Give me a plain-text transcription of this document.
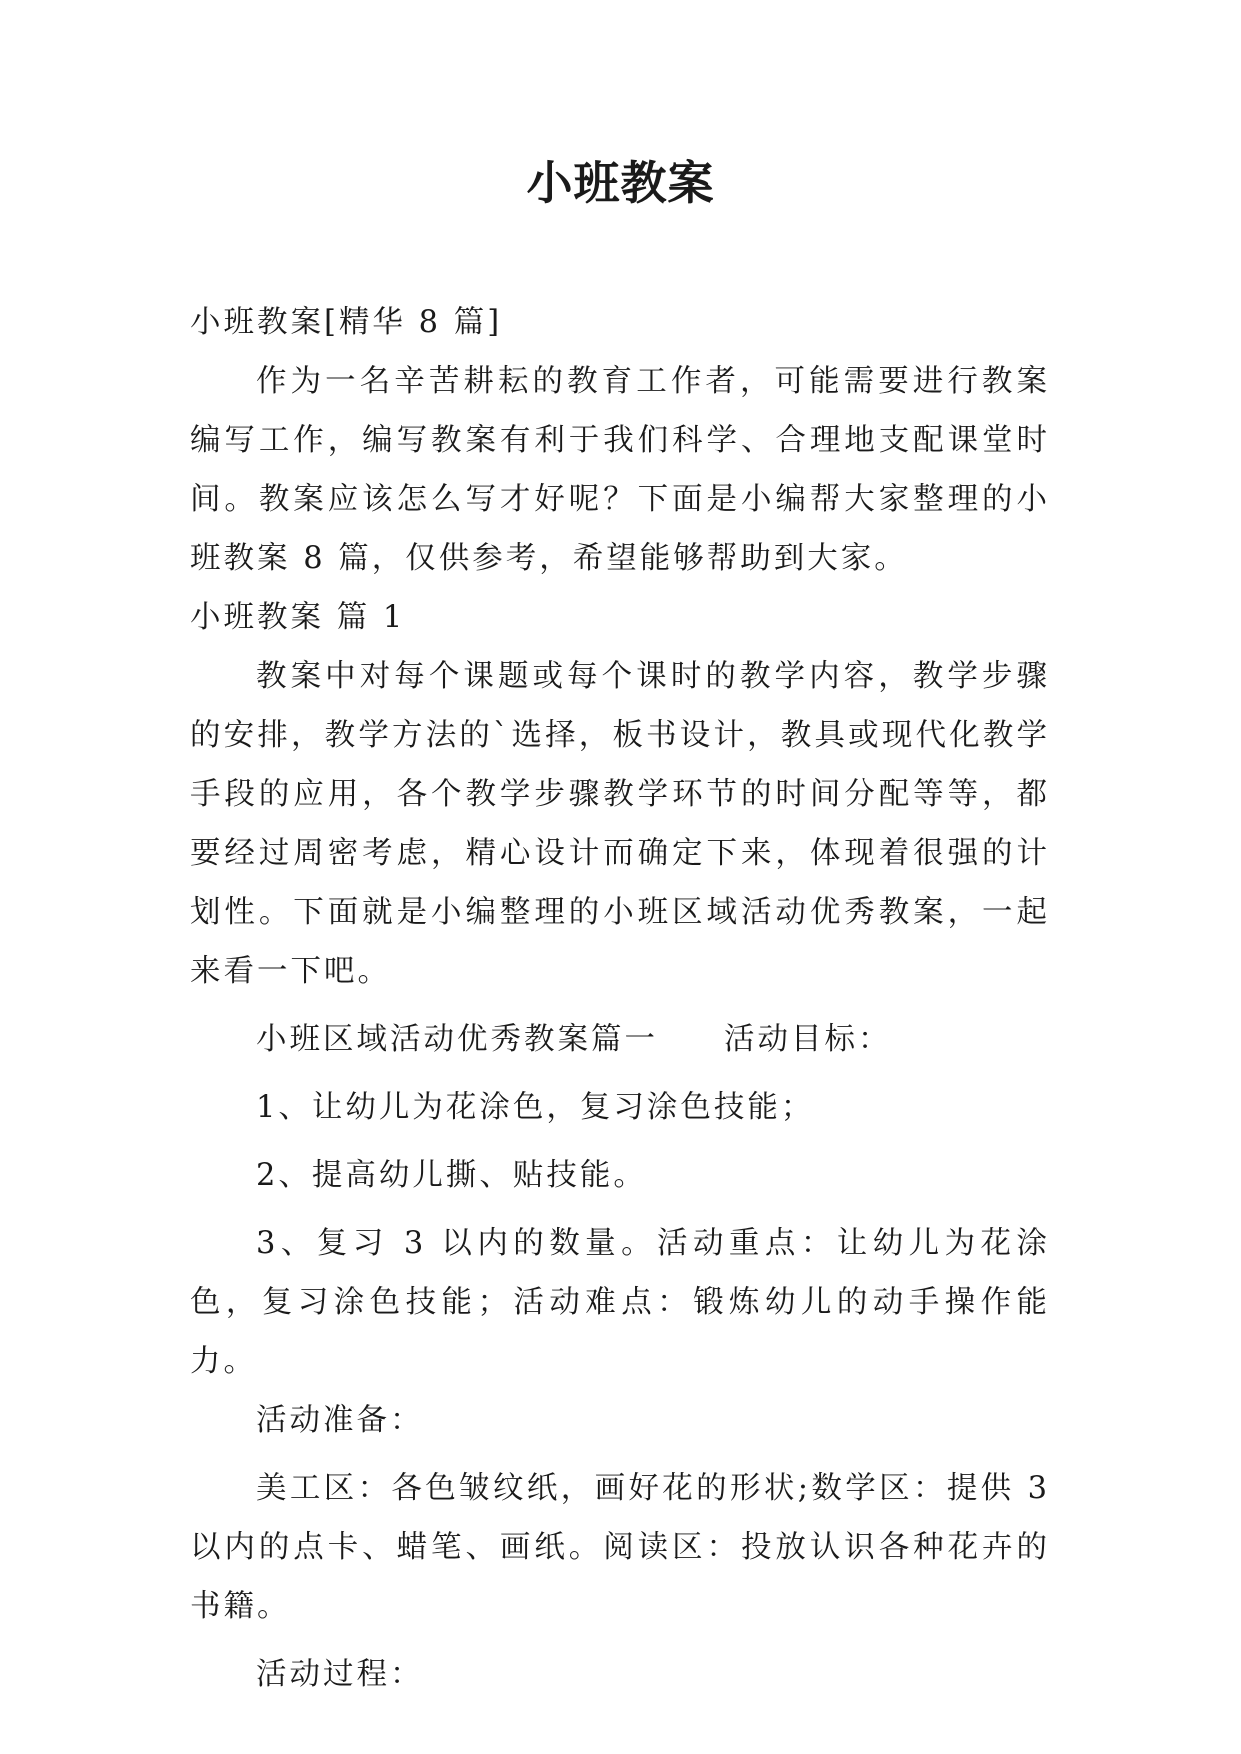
小班教案

小班教案[精华 8 篇]

作为一名辛苦耕耘的教育工作者，可能需要进行教案编写工作，编写教案有利于我们科学、合理地支配课堂时间。教案应该怎么写才好呢？下面是小编帮大家整理的小班教案 8 篇，仅供参考，希望能够帮助到大家。

小班教案 篇 1

教案中对每个课题或每个课时的教学内容，教学步骤的安排，教学方法的`选择，板书设计，教具或现代化教学手段的应用，各个教学步骤教学环节的时间分配等等，都要经过周密考虑，精心设计而确定下来，体现着很强的计划性。下面就是小编整理的小班区域活动优秀教案，一起来看一下吧。

小班区域活动优秀教案篇一 活动目标：

1、让幼儿为花涂色，复习涂色技能；

2、提高幼儿撕、贴技能。

3、复习 3 以内的数量。活动重点：让幼儿为花涂色，复习涂色技能；活动难点：锻炼幼儿的动手操作能力。

活动准备：

美工区：各色皱纹纸，画好花的形状;数学区：提供 3 以内的点卡、蜡笔、画纸。阅读区：投放认识各种花卉的书籍。

活动过程：
